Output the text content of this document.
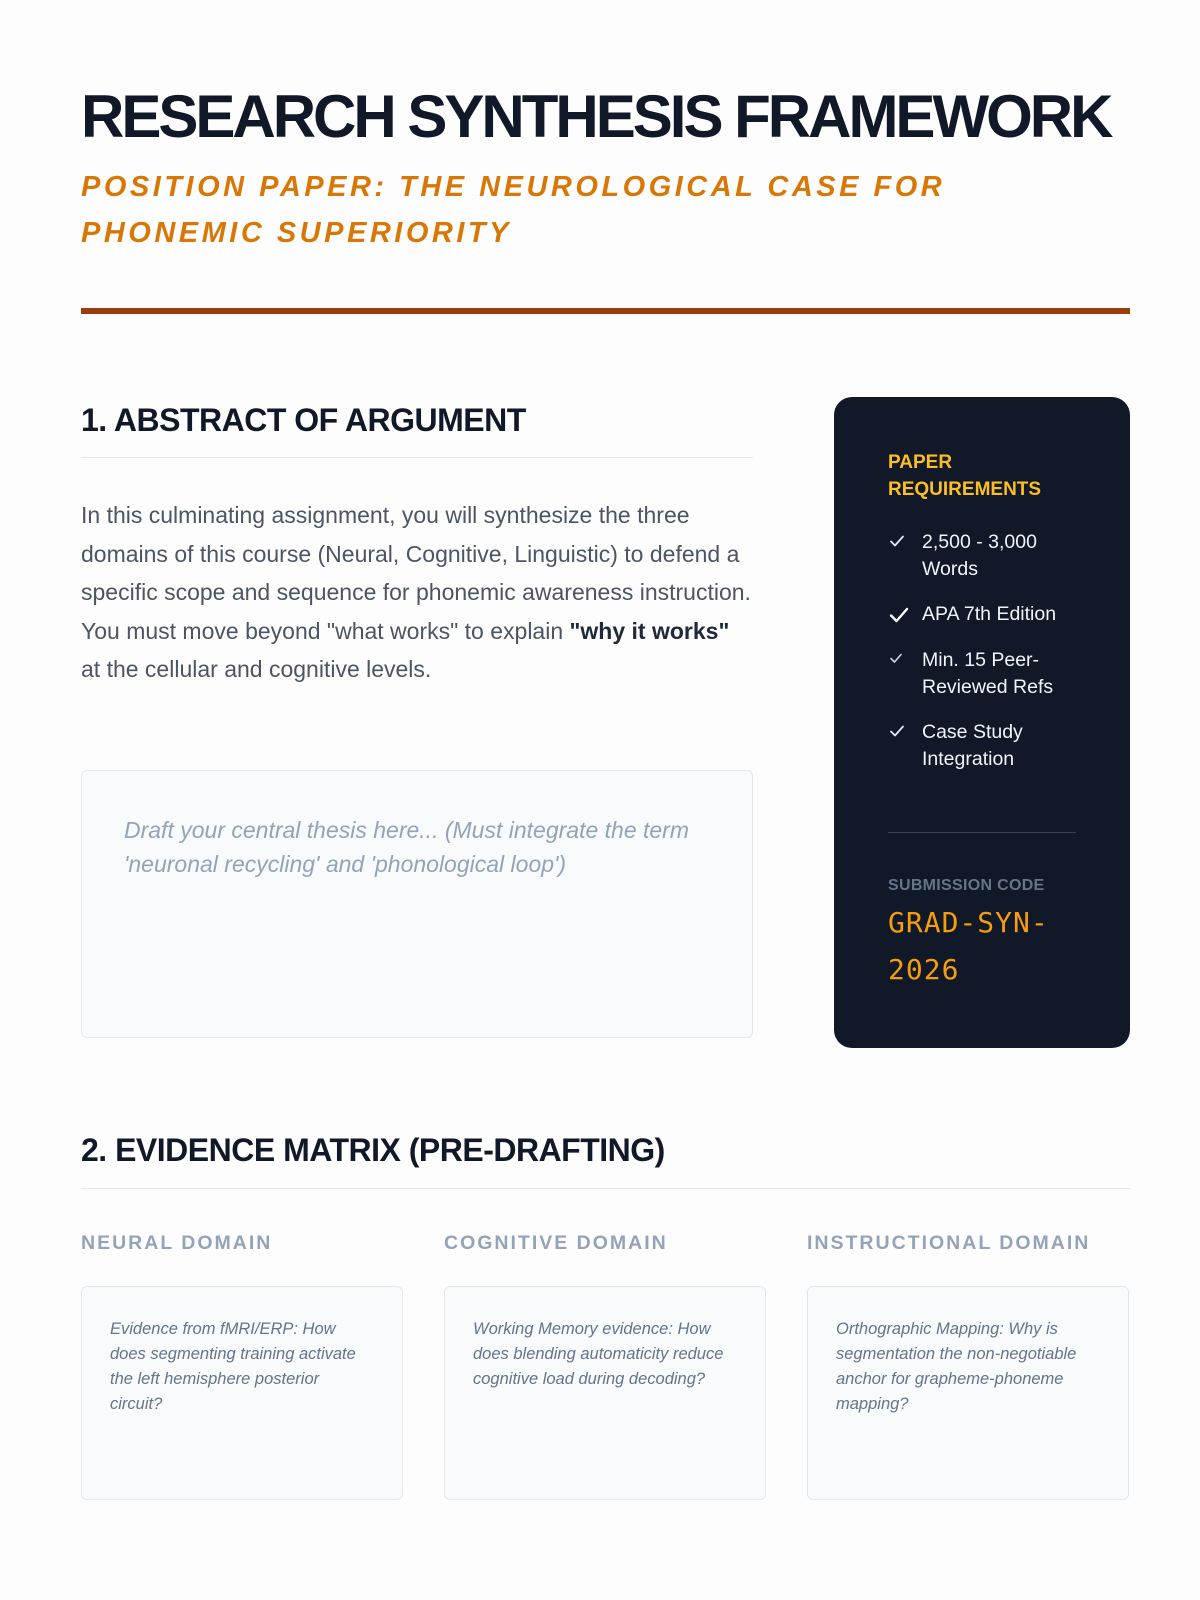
RESEARCH SYNTHESIS FRAMEWORK

POSITION PAPER: THE NEUROLOGICAL CASE FOR PHONEMIC SUPERIORITY

1. ABSTRACT OF ARGUMENT

In this culminating assignment, you will synthesize the three domains of this course (Neural, Cognitive, Linguistic) to defend a specific scope and sequence for phonemic awareness instruction. You must move beyond "what works" to explain "why it works" at the cellular and cognitive levels.

Draft your central thesis here... (Must integrate the term 'neuronal recycling' and 'phonological loop')
PAPER REQUIREMENTS
2,500 - 3,000 Words
APA 7th Edition
Min. 15 Peer-Reviewed Refs
Case Study Integration
SUBMISSION CODE
GRAD-SYN-2026
2. EVIDENCE MATRIX (PRE-DRAFTING)
NEURAL DOMAIN	COGNITIVE DOMAIN	INSTRUCTIONAL DOMAIN
Evidence from fMRI/ERP: How does segmenting training activate the left hemisphere posterior circuit?
Working Memory evidence: How does blending automaticity reduce cognitive load during decoding?
Orthographic Mapping: Why is segmentation the non-negotiable anchor for grapheme-phoneme mapping?
